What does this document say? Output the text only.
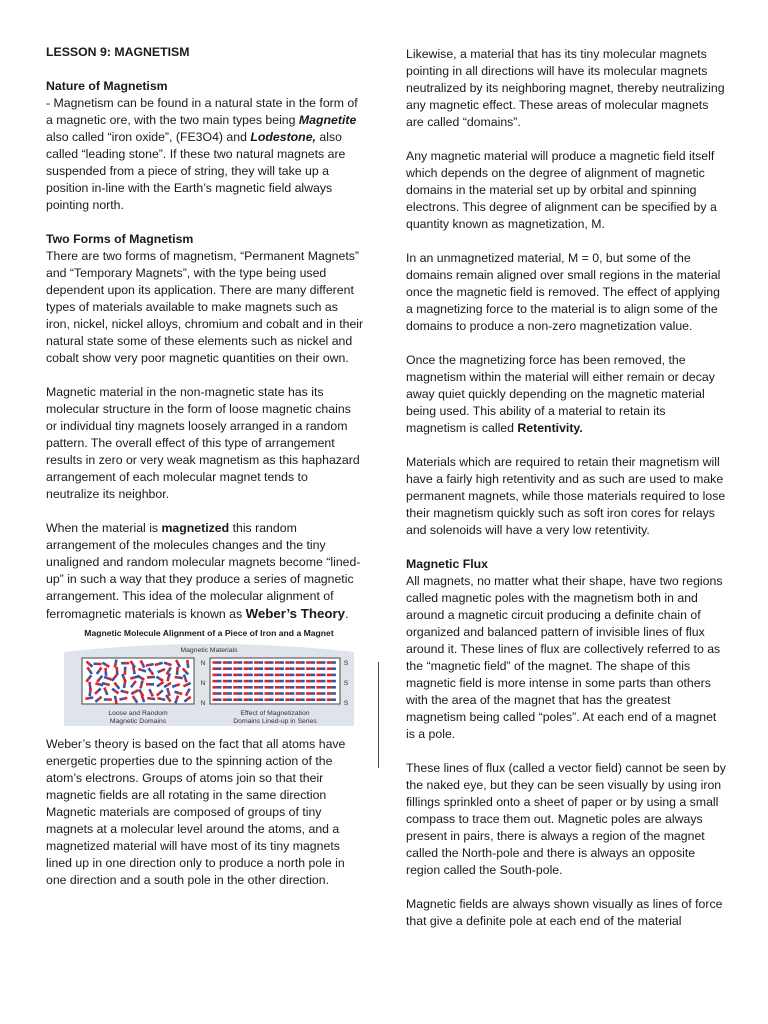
LESSON 9: MAGNETISM

Nature of Magnetism

- Magnetism can be found in a natural state in the form of a magnetic ore, with the two main types being Magnetite also called “iron oxide”, (FE3O4) and Lodestone, also called “leading stone”. If these two natural magnets are suspended from a piece of string, they will take up a position in-line with the Earth’s magnetic field always pointing north.

Two Forms of Magnetism

There are two forms of magnetism, “Permanent Magnets” and “Temporary Magnets”, with the type being used dependent upon its application. There are many different types of materials available to make magnets such as iron, nickel, nickel alloys, chromium and cobalt and in their natural state some of these elements such as nickel and cobalt show very poor magnetic quantities on their own.

Magnetic material in the non-magnetic state has its molecular structure in the form of loose magnetic chains or individual tiny magnets loosely arranged in a random pattern. The overall effect of this type of arrangement results in zero or very weak magnetism as this haphazard arrangement of each molecular magnet tends to neutralize its neighbor.

When the material is magnetized this random arrangement of the molecules changes and the tiny unaligned and random molecular magnets become “lined-up” in such a way that they produce a series of magnetic arrangement. This idea of the molecular alignment of ferromagnetic materials is known as Weber’s Theory.

Magnetic Molecule Alignment of a Piece of Iron and a Magnet

Magnetic Materials
N
N
N
S
S
S
Loose and Random
Magnetic Domains
Effect of Magnetization
Domains Lined-up in Series

Weber’s theory is based on the fact that all atoms have energetic properties due to the spinning action of the atom’s electrons. Groups of atoms join so that their magnetic fields are all rotating in the same direction Magnetic materials are composed of groups of tiny magnets at a molecular level around the atoms, and a magnetized material will have most of its tiny magnets lined up in one direction only to produce a north pole in one direction and a south pole in the other direction.

Likewise, a material that has its tiny molecular magnets pointing in all directions will have its molecular magnets neutralized by its neighboring magnet, thereby neutralizing any magnetic effect. These areas of molecular magnets are called “domains”.

Any magnetic material will produce a magnetic field itself which depends on the degree of alignment of magnetic domains in the material set up by orbital and spinning electrons. This degree of alignment can be specified by a quantity known as magnetization, M.

In an unmagnetized material, M = 0, but some of the domains remain aligned over small regions in the material once the magnetic field is removed. The effect of applying a magnetizing force to the material is to align some of the domains to produce a non-zero magnetization value.

Once the magnetizing force has been removed, the magnetism within the material will either remain or decay away quiet quickly depending on the magnetic material being used. This ability of a material to retain its magnetism is called Retentivity.

Materials which are required to retain their magnetism will have a fairly high retentivity and as such are used to make permanent magnets, while those materials required to lose their magnetism quickly such as soft iron cores for relays and solenoids will have a very low retentivity.

Magnetic Flux

All magnets, no matter what their shape, have two regions called magnetic poles with the magnetism both in and around a magnetic circuit producing a definite chain of organized and balanced pattern of invisible lines of flux around it. These lines of flux are collectively referred to as the “magnetic field” of the magnet. The shape of this magnetic field is more intense in some parts than others with the area of the magnet that has the greatest magnetism being called “poles”. At each end of a magnet is a pole.

These lines of flux (called a vector field) cannot be seen by the naked eye, but they can be seen visually by using iron fillings sprinkled onto a sheet of paper or by using a small compass to trace them out. Magnetic poles are always present in pairs, there is always a region of the magnet called the North-pole and there is always an opposite region called the South-pole.

Magnetic fields are always shown visually as lines of force that give a definite pole at each end of the material
